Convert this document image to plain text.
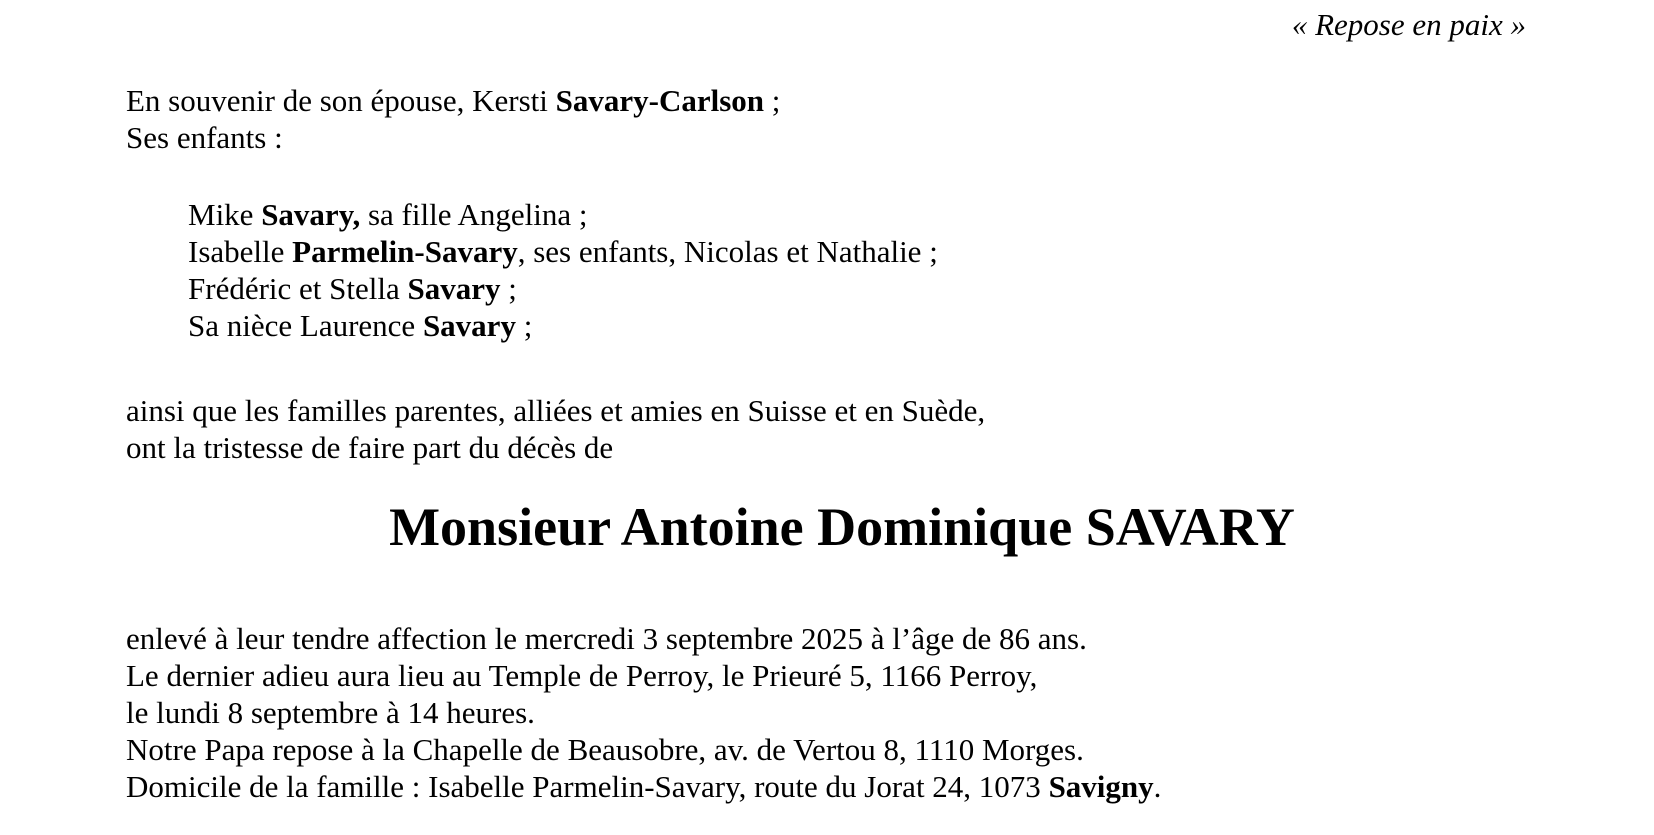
« Repose en paix »
En souvenir de son épouse, Kersti Savary-Carlson ;
Ses enfants :
Mike Savary, sa fille Angelina ;
Isabelle Parmelin-Savary, ses enfants, Nicolas et Nathalie ;
Frédéric et Stella Savary ;
Sa nièce Laurence Savary ;
ainsi que les familles parentes, alliées et amies en Suisse et en Suède,
ont la tristesse de faire part du décès de
Monsieur Antoine Dominique SAVARY
enlevé à leur tendre affection le mercredi 3 septembre 2025 à l’âge de 86 ans.
Le dernier adieu aura lieu au Temple de Perroy, le Prieuré 5, 1166 Perroy,
le lundi 8 septembre à 14 heures.
Notre Papa repose à la Chapelle de Beausobre, av. de Vertou 8, 1110 Morges.
Domicile de la famille : Isabelle Parmelin-Savary, route du Jorat 24, 1073 Savigny.
